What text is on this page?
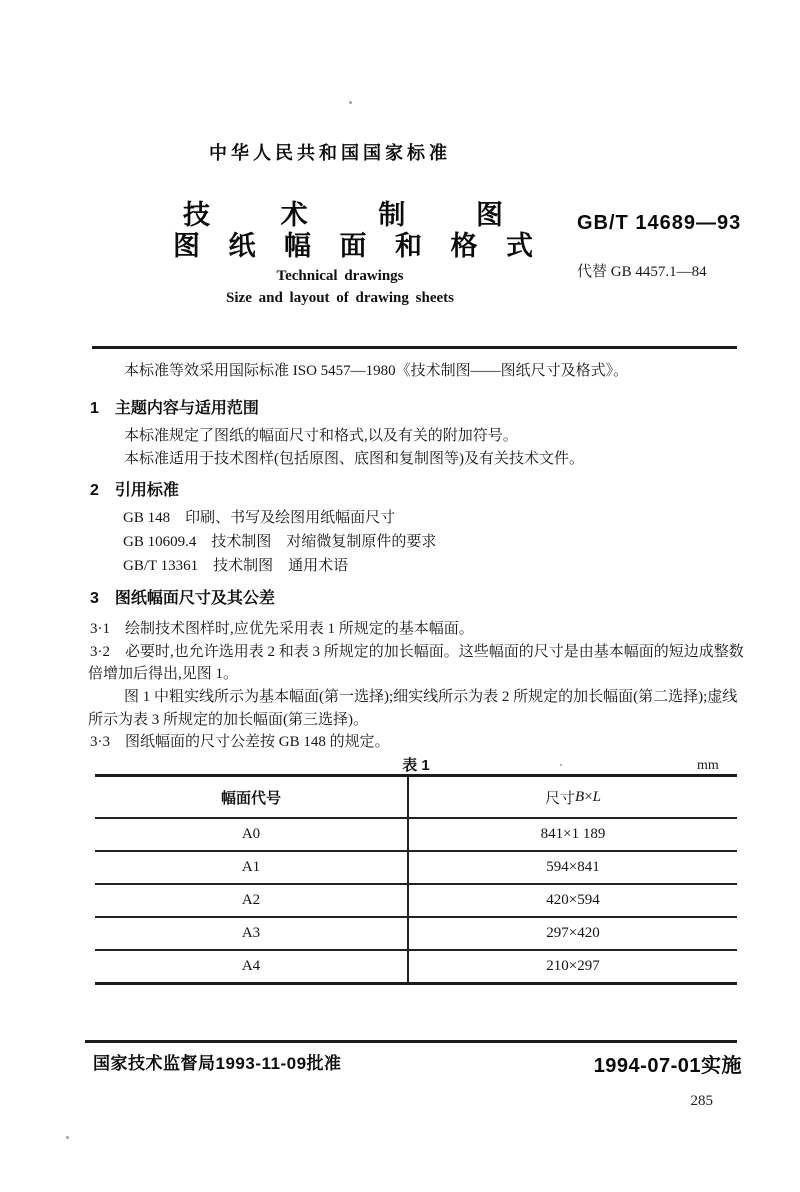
中华人民共和国国家标准
技	术	制	图
图 纸 幅 面 和 格 式
GB/T 14689—93
代替 GB 4457.1—84
Technical drawings
Size and layout of drawing sheets
本标准等效采用国际标准 ISO 5457—1980《技术制图——图纸尺寸及格式》。
1　主题内容与适用范围
本标准规定了图纸的幅面尺寸和格式,以及有关的附加符号。
本标准适用于技术图样(包括原图、底图和复制图等)及有关技术文件。
2　引用标准
GB 148　印刷、书写及绘图用纸幅面尺寸
GB 10609.4　技术制图　对缩微复制原件的要求
GB/T 13361　技术制图　通用术语
3　图纸幅面尺寸及其公差
3·1　绘制技术图样时,应优先采用表 1 所规定的基本幅面。
3·2　必要时,也允许选用表 2 和表 3 所规定的加长幅面。这些幅面的尺寸是由基本幅面的短边成整数
倍增加后得出,见图 1。
图 1 中粗实线所示为基本幅面(第一选择);细实线所示为表 2 所规定的加长幅面(第二选择);虚线
所示为表 3 所规定的加长幅面(第三选择)。
3·3　图纸幅面的尺寸公差按 GB 148 的规定。
表 1	mm
幅面代号	尺寸 B × L
A0	841×1 189
A1	594×841
A2	420×594
A3	297×420
A4	210×297
国家技术监督局1993-11-09批准	1994-07-01实施
285
